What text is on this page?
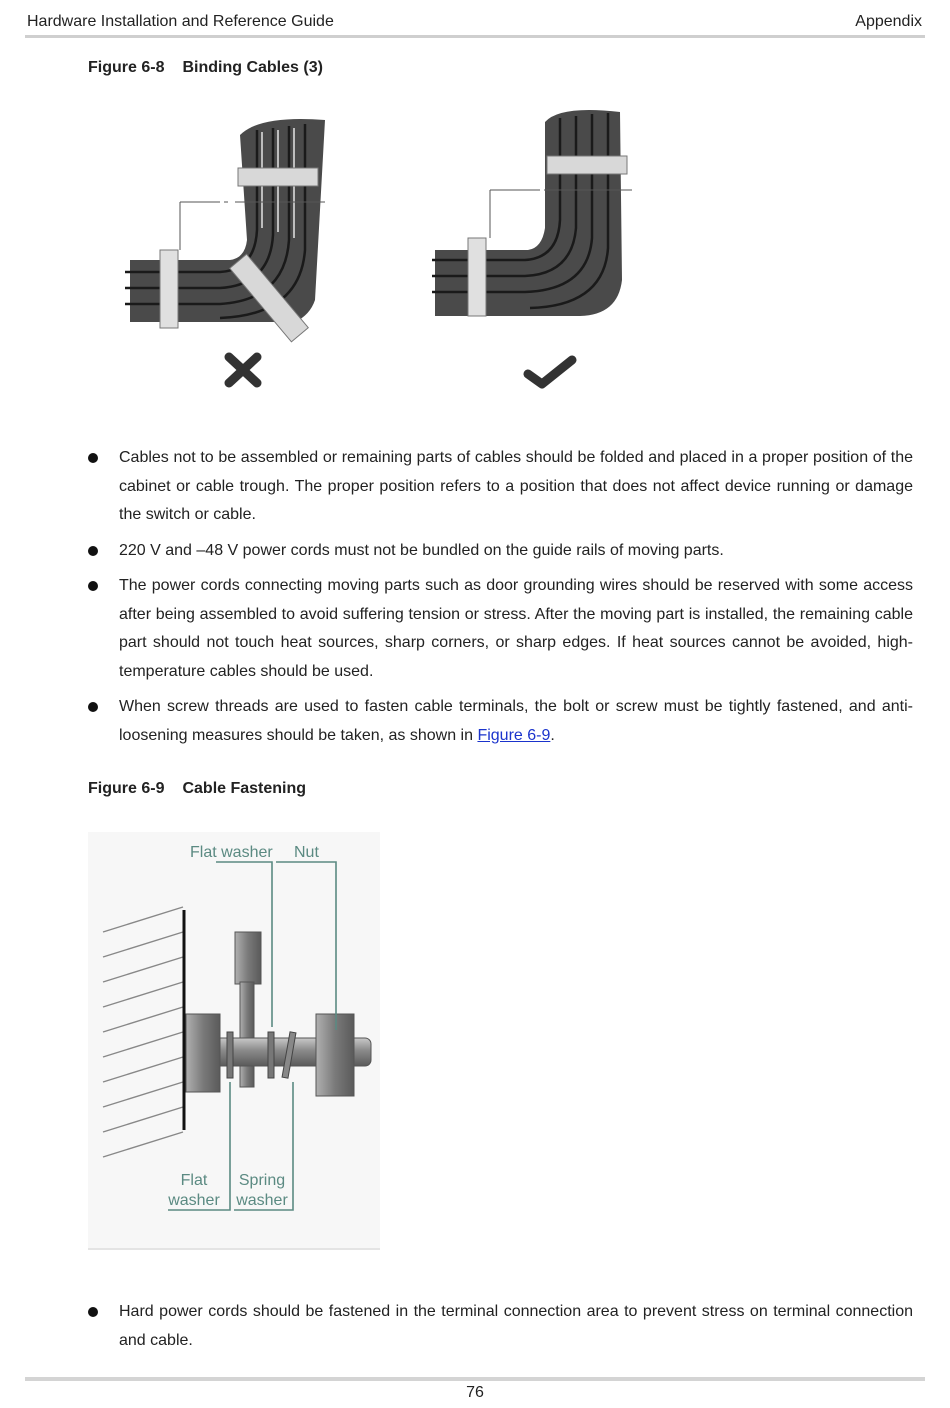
Hardware Installation and Reference Guide	Appendix
Figure 6-8 Binding Cables (3)
Cables not to be assembled or remaining parts of cables should be folded and placed in a proper position of the cabinet or cable trough. The proper position refers to a position that does not affect device running or damage the switch or cable.
220 V and –48 V power cords must not be bundled on the guide rails of moving parts.
The power cords connecting moving parts such as door grounding wires should be reserved with some access after being assembled to avoid suffering tension or stress. After the moving part is installed, the remaining cable part should not touch heat sources, sharp corners, or sharp edges. If heat sources cannot be avoided, high-temperature cables should be used.
When screw threads are used to fasten cable terminals, the bolt or screw must be tightly fastened, and anti-loosening measures should be taken, as shown in Figure 6-9.
Figure 6-9 Cable Fastening
Flat washer Nut
Flat
washer
Spring
washer
Hard power cords should be fastened in the terminal connection area to prevent stress on terminal connection and cable.
76
